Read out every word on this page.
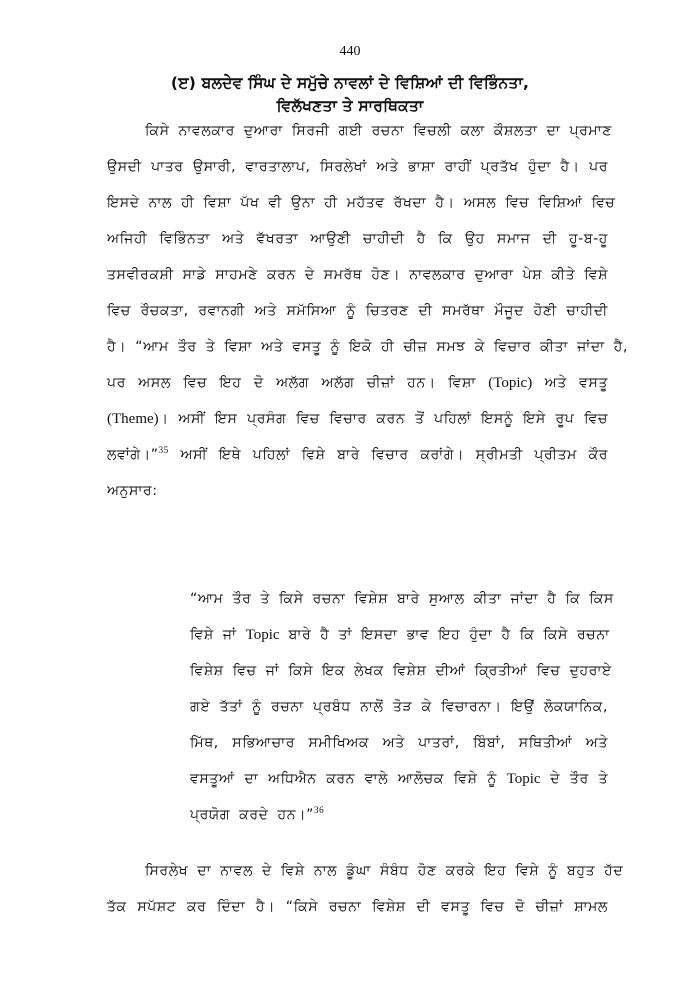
440
(ੲ) ਬਲਦੇਵ ਸਿੰਘ ਦੇ ਸਮੁੱਚੇ ਨਾਵਲਾਂ ਦੇ ਵਿਸ਼ਿਆਂ ਦੀ ਵਿਭਿੰਨਤਾ,
ਵਿਲੱਖਣਤਾ ਤੇ ਸਾਰਥਿਕਤਾ
ਕਿਸੇ ਨਾਵਲਕਾਰ ਦੁਆਰਾ ਸਿਰਜੀ ਗਈ ਰਚਨਾ ਵਿਚਲੀ ਕਲਾ ਕੌਸ਼ਲਤਾ ਦਾ ਪ੍ਰਮਾਣ
ਉਸਦੀ ਪਾਤਰ ਉਸਾਰੀ, ਵਾਰਤਾਲਾਪ, ਸਿਰਲੇਖਾਂ ਅਤੇ ਭਾਸ਼ਾ ਰਾਹੀਂ ਪ੍ਰਤੱਖ ਹੁੰਦਾ ਹੈ। ਪਰ
ਇਸਦੇ ਨਾਲ ਹੀ ਵਿਸ਼ਾ ਪੱਖ ਵੀ ਉਨਾ ਹੀ ਮਹੱਤਵ ਰੱਖਦਾ ਹੈ। ਅਸਲ ਵਿਚ ਵਿਸ਼ਿਆਂ ਵਿਚ
ਅਜਿਹੀ ਵਿਭਿੰਨਤਾ ਅਤੇ ਵੱਖਰਤਾ ਆਉਣੀ ਚਾਹੀਦੀ ਹੈ ਕਿ ਉਹ ਸਮਾਜ ਦੀ ਹੂ-ਬ-ਹੂ
ਤਸਵੀਰਕਸ਼ੀ ਸਾਡੇ ਸਾਹਮਣੇ ਕਰਨ ਦੇ ਸਮਰੱਥ ਹੋਣ। ਨਾਵਲਕਾਰ ਦੁਆਰਾ ਪੇਸ਼ ਕੀਤੇ ਵਿਸ਼ੇ
ਵਿਚ ਰੌਚਕਤਾ, ਰਵਾਨਗੀ ਅਤੇ ਸਮੱਸਿਆ ਨੂੰ ਚਿਤਰਣ ਦੀ ਸਮਰੱਥਾ ਮੌਜੂਦ ਹੋਣੀ ਚਾਹੀਦੀ
ਹੈ। “ਆਮ ਤੌਰ ਤੇ ਵਿਸ਼ਾ ਅਤੇ ਵਸਤੂ ਨੂੰ ਇਕੋ ਹੀ ਚੀਜ਼ ਸਮਝ ਕੇ ਵਿਚਾਰ ਕੀਤਾ ਜਾਂਦਾ ਹੈ,
ਪਰ ਅਸਲ ਵਿਚ ਇਹ ਦੋ ਅਲੱਗ ਅਲੱਗ ਚੀਜ਼ਾਂ ਹਨ। ਵਿਸ਼ਾ (Topic) ਅਤੇ ਵਸਤੂ
(Theme)। ਅਸੀਂ ਇਸ ਪ੍ਰਸੰਗ ਵਿਚ ਵਿਚਾਰ ਕਰਨ ਤੋਂ ਪਹਿਲਾਂ ਇਸਨੂੰ ਇਸੇ ਰੂਪ ਵਿਚ
ਲਵਾਂਗੇ।”$^{35}$ ਅਸੀਂ ਇਥੇ ਪਹਿਲਾਂ ਵਿਸ਼ੇ ਬਾਰੇ ਵਿਚਾਰ ਕਰਾਂਗੇ। ਸ੍ਰੀਮਤੀ ਪ੍ਰੀਤਮ ਕੌਰ
ਅਨੁਸਾਰ:
“ਆਮ ਤੌਰ ਤੇ ਕਿਸੇ ਰਚਨਾ ਵਿਸ਼ੇਸ਼ ਬਾਰੇ ਸੁਆਲ ਕੀਤਾ ਜਾਂਦਾ ਹੈ ਕਿ ਕਿਸ
ਵਿਸ਼ੇ ਜਾਂ Topic ਬਾਰੇ ਹੈ ਤਾਂ ਇਸਦਾ ਭਾਵ ਇਹ ਹੁੰਦਾ ਹੈ ਕਿ ਕਿਸੇ ਰਚਨਾ
ਵਿਸ਼ੇਸ਼ ਵਿਚ ਜਾਂ ਕਿਸੇ ਇਕ ਲੇਖਕ ਵਿਸ਼ੇਸ਼ ਦੀਆਂ ਕ੍ਰਿਤੀਆਂ ਵਿਚ ਦੁਹਰਾਏ
ਗਏ ਤੱਤਾਂ ਨੂੰ ਰਚਨਾ ਪ੍ਰਬੰਧ ਨਾਲੋਂ ਤੋੜ ਕੇ ਵਿਚਾਰਨਾ। ਇਉਂ ਲੋਕਯਾਨਿਕ,
ਮਿੱਥ, ਸਭਿਆਚਾਰ ਸਮੀਖਿਅਕ ਅਤੇ ਪਾਤਰਾਂ, ਬਿੰਬਾਂ, ਸਥਿਤੀਆਂ ਅਤੇ
ਵਸਤੂਆਂ ਦਾ ਅਧਿਐਨ ਕਰਨ ਵਾਲੇ ਆਲੋਚਕ ਵਿਸ਼ੇ ਨੂੰ Topic ਦੇ ਤੌਰ ਤੇ
ਪ੍ਰਯੋਗ ਕਰਦੇ ਹਨ।”$^{36}$
ਸਿਰਲੇਖ ਦਾ ਨਾਵਲ ਦੇ ਵਿਸ਼ੇ ਨਾਲ ਡੂੰਘਾ ਸੰਬੰਧ ਹੋਣ ਕਰਕੇ ਇਹ ਵਿਸ਼ੇ ਨੂੰ ਬਹੁਤ ਹੱਦ
ਤੱਕ ਸਪੱਸ਼ਟ ਕਰ ਦਿੰਦਾ ਹੈ। “ਕਿਸੇ ਰਚਨਾ ਵਿਸ਼ੇਸ਼ ਦੀ ਵਸਤੂ ਵਿਚ ਦੋ ਚੀਜ਼ਾਂ ਸ਼ਾਮਲ
